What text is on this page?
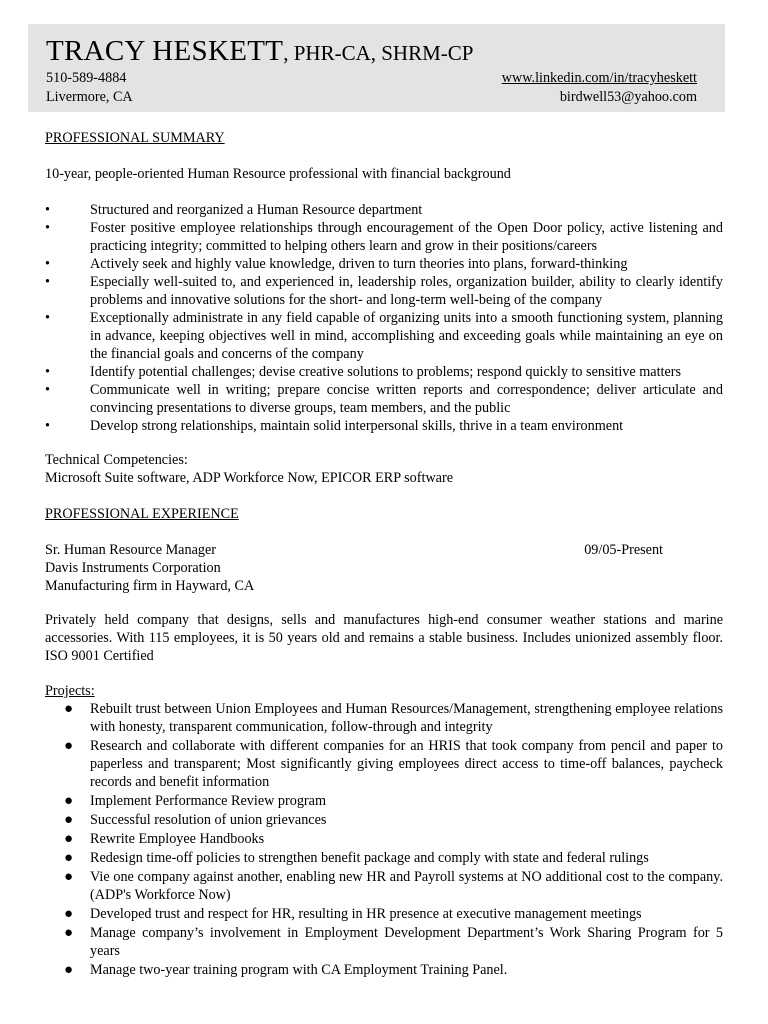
TRACY HESKETT, PHR-CA, SHRM-CP
510-589-4884
Livermore, CA
www.linkedin.com/in/tracyheskett
birdwell53@yahoo.com
PROFESSIONAL SUMMARY
10-year, people-oriented Human Resource professional with financial background
•	Structured and reorganized a Human Resource department
•	Foster positive employee relationships through encouragement of the Open Door policy, active listening and practicing integrity; committed to helping others learn and grow in their positions/careers
•	Actively seek and highly value knowledge, driven to turn theories into plans, forward-thinking
•	Especially well-suited to, and experienced in, leadership roles, organization builder, ability to clearly identify problems and innovative solutions for the short- and long-term well-being of the company
•	Exceptionally administrate in any field capable of organizing units into a smooth functioning system, planning in advance, keeping objectives well in mind, accomplishing and exceeding goals while maintaining an eye on the financial goals and concerns of the company
•	Identify potential challenges; devise creative solutions to problems; respond quickly to sensitive matters
•	Communicate well in writing; prepare concise written reports and correspondence; deliver articulate and convincing presentations to diverse groups, team members, and the public
•	Develop strong relationships, maintain solid interpersonal skills, thrive in a team environment
Technical Competencies:
Microsoft Suite software, ADP Workforce Now, EPICOR ERP software
PROFESSIONAL EXPERIENCE
Sr. Human Resource Manager	09/05-Present
Davis Instruments Corporation
Manufacturing firm in Hayward, CA
Privately held company that designs, sells and manufactures high-end consumer weather stations and marine accessories. With 115 employees, it is 50 years old and remains a stable business. Includes unionized assembly floor. ISO 9001 Certified
Projects:
● Rebuilt trust between Union Employees and Human Resources/Management, strengthening employee relations with honesty, transparent communication, follow-through and integrity
● Research and collaborate with different companies for an HRIS that took company from pencil and paper to paperless and transparent; Most significantly giving employees direct access to time-off balances, paycheck records and benefit information
● Implement Performance Review program
● Successful resolution of union grievances
● Rewrite Employee Handbooks
● Redesign time-off policies to strengthen benefit package and comply with state and federal rulings
● Vie one company against another, enabling new HR and Payroll systems at NO additional cost to the company. (ADP's Workforce Now)
● Developed trust and respect for HR, resulting in HR presence at executive management meetings
● Manage company’s involvement in Employment Development Department’s Work Sharing Program for 5 years
● Manage two-year training program with CA Employment Training Panel.
